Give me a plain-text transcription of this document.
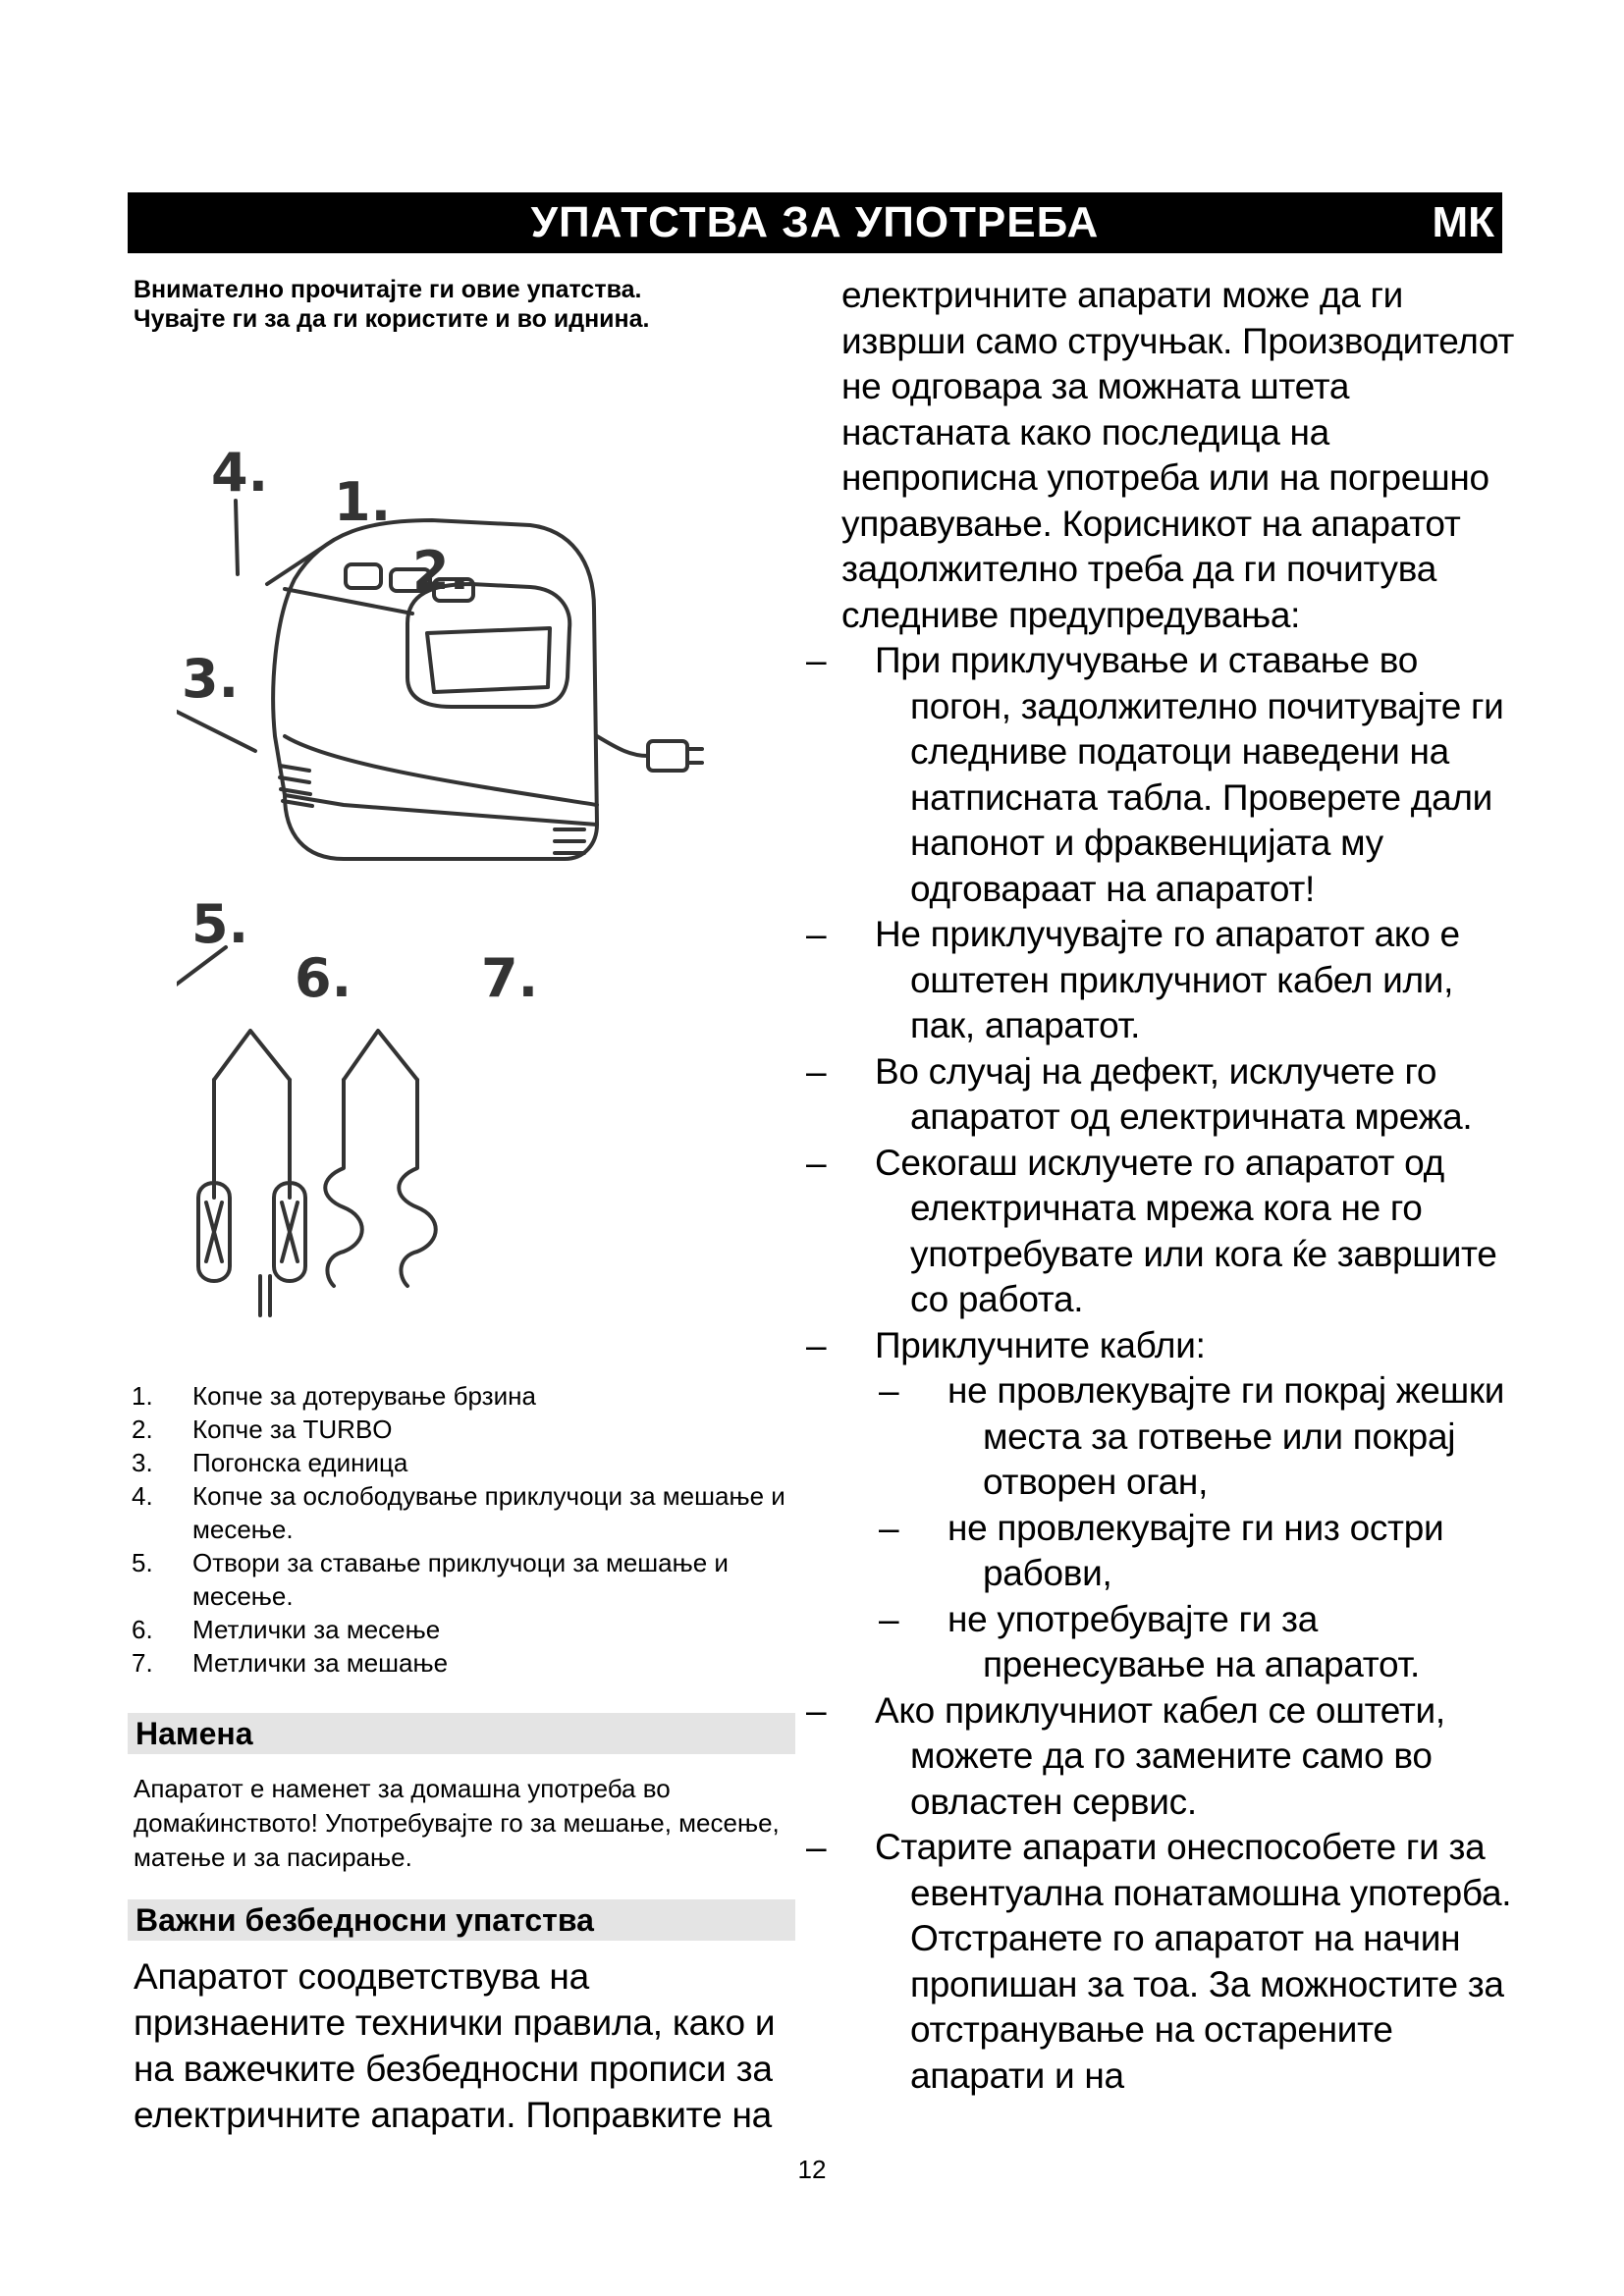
УПАТСТВА ЗА УПОТРЕБА	МК
Внимателно прочитајте ги овие упатства.
Чувајте ги за да ги користите и во иднина.
4. 1.
2.
3.
5.
6. 7.
1. Копче за дотерување брзина
2. Копче за TURBO
3. Погонска единица
4. Копче за ослободување приклучоци за мешање и месење.
5. Отвори за ставање приклучоци за мешање и месење.
6. Метлички за месење
7. Метлички за мешање
Намена
Апаратот е наменет за домашна употреба во домаќинството! Употребувајте го за мешање, месење, матење и за пасирање.
Важни безбедносни упатства
Апаратот соодветствува на признаените технички правила, како и на важечките безбедносни прописи за електричните апарати. Поправките на

електричните апарати може да ги изврши само стручњак. Производителот не одговара за можната штета настаната како последица на непрописна употреба или на погрешно управување. Корисникот на апаратот задолжително треба да ги почитува следниве предупредувања:

–	При приклучување и ставање во погон, задолжително почитувајте ги следниве податоци наведени на натписната табла. Проверете дали напонот и фраквенцијата му одговараат на апаратот!

–	Не приклучувајте го апаратот ако е оштетен приклучниот кабел или, пак, апаратот.

–	Во случај на дефект, исклучете го апаратот од електричната мрежа.

–	Секогаш исклучете го апаратот од електричната мрежа кога не го употребувате или кога ќе завршите со работа.

–	Приклучните кабли:

–	не провлекувајте ги покрај жешки места за готвење или покрај отворен оган,

–	не провлекувајте ги низ остри рабови,

–	не употребувајте ги за пренесување на апаратот.

–	Ако приклучниот кабел се оштети, можете да го замените само во овластен сервис.

–	Старите апарати онеспособете ги за евентуална понатамошна употерба. Отстранете го апаратот на начин пропишан за тоа. За можностите за отстранување на остарените апарати и на

12
